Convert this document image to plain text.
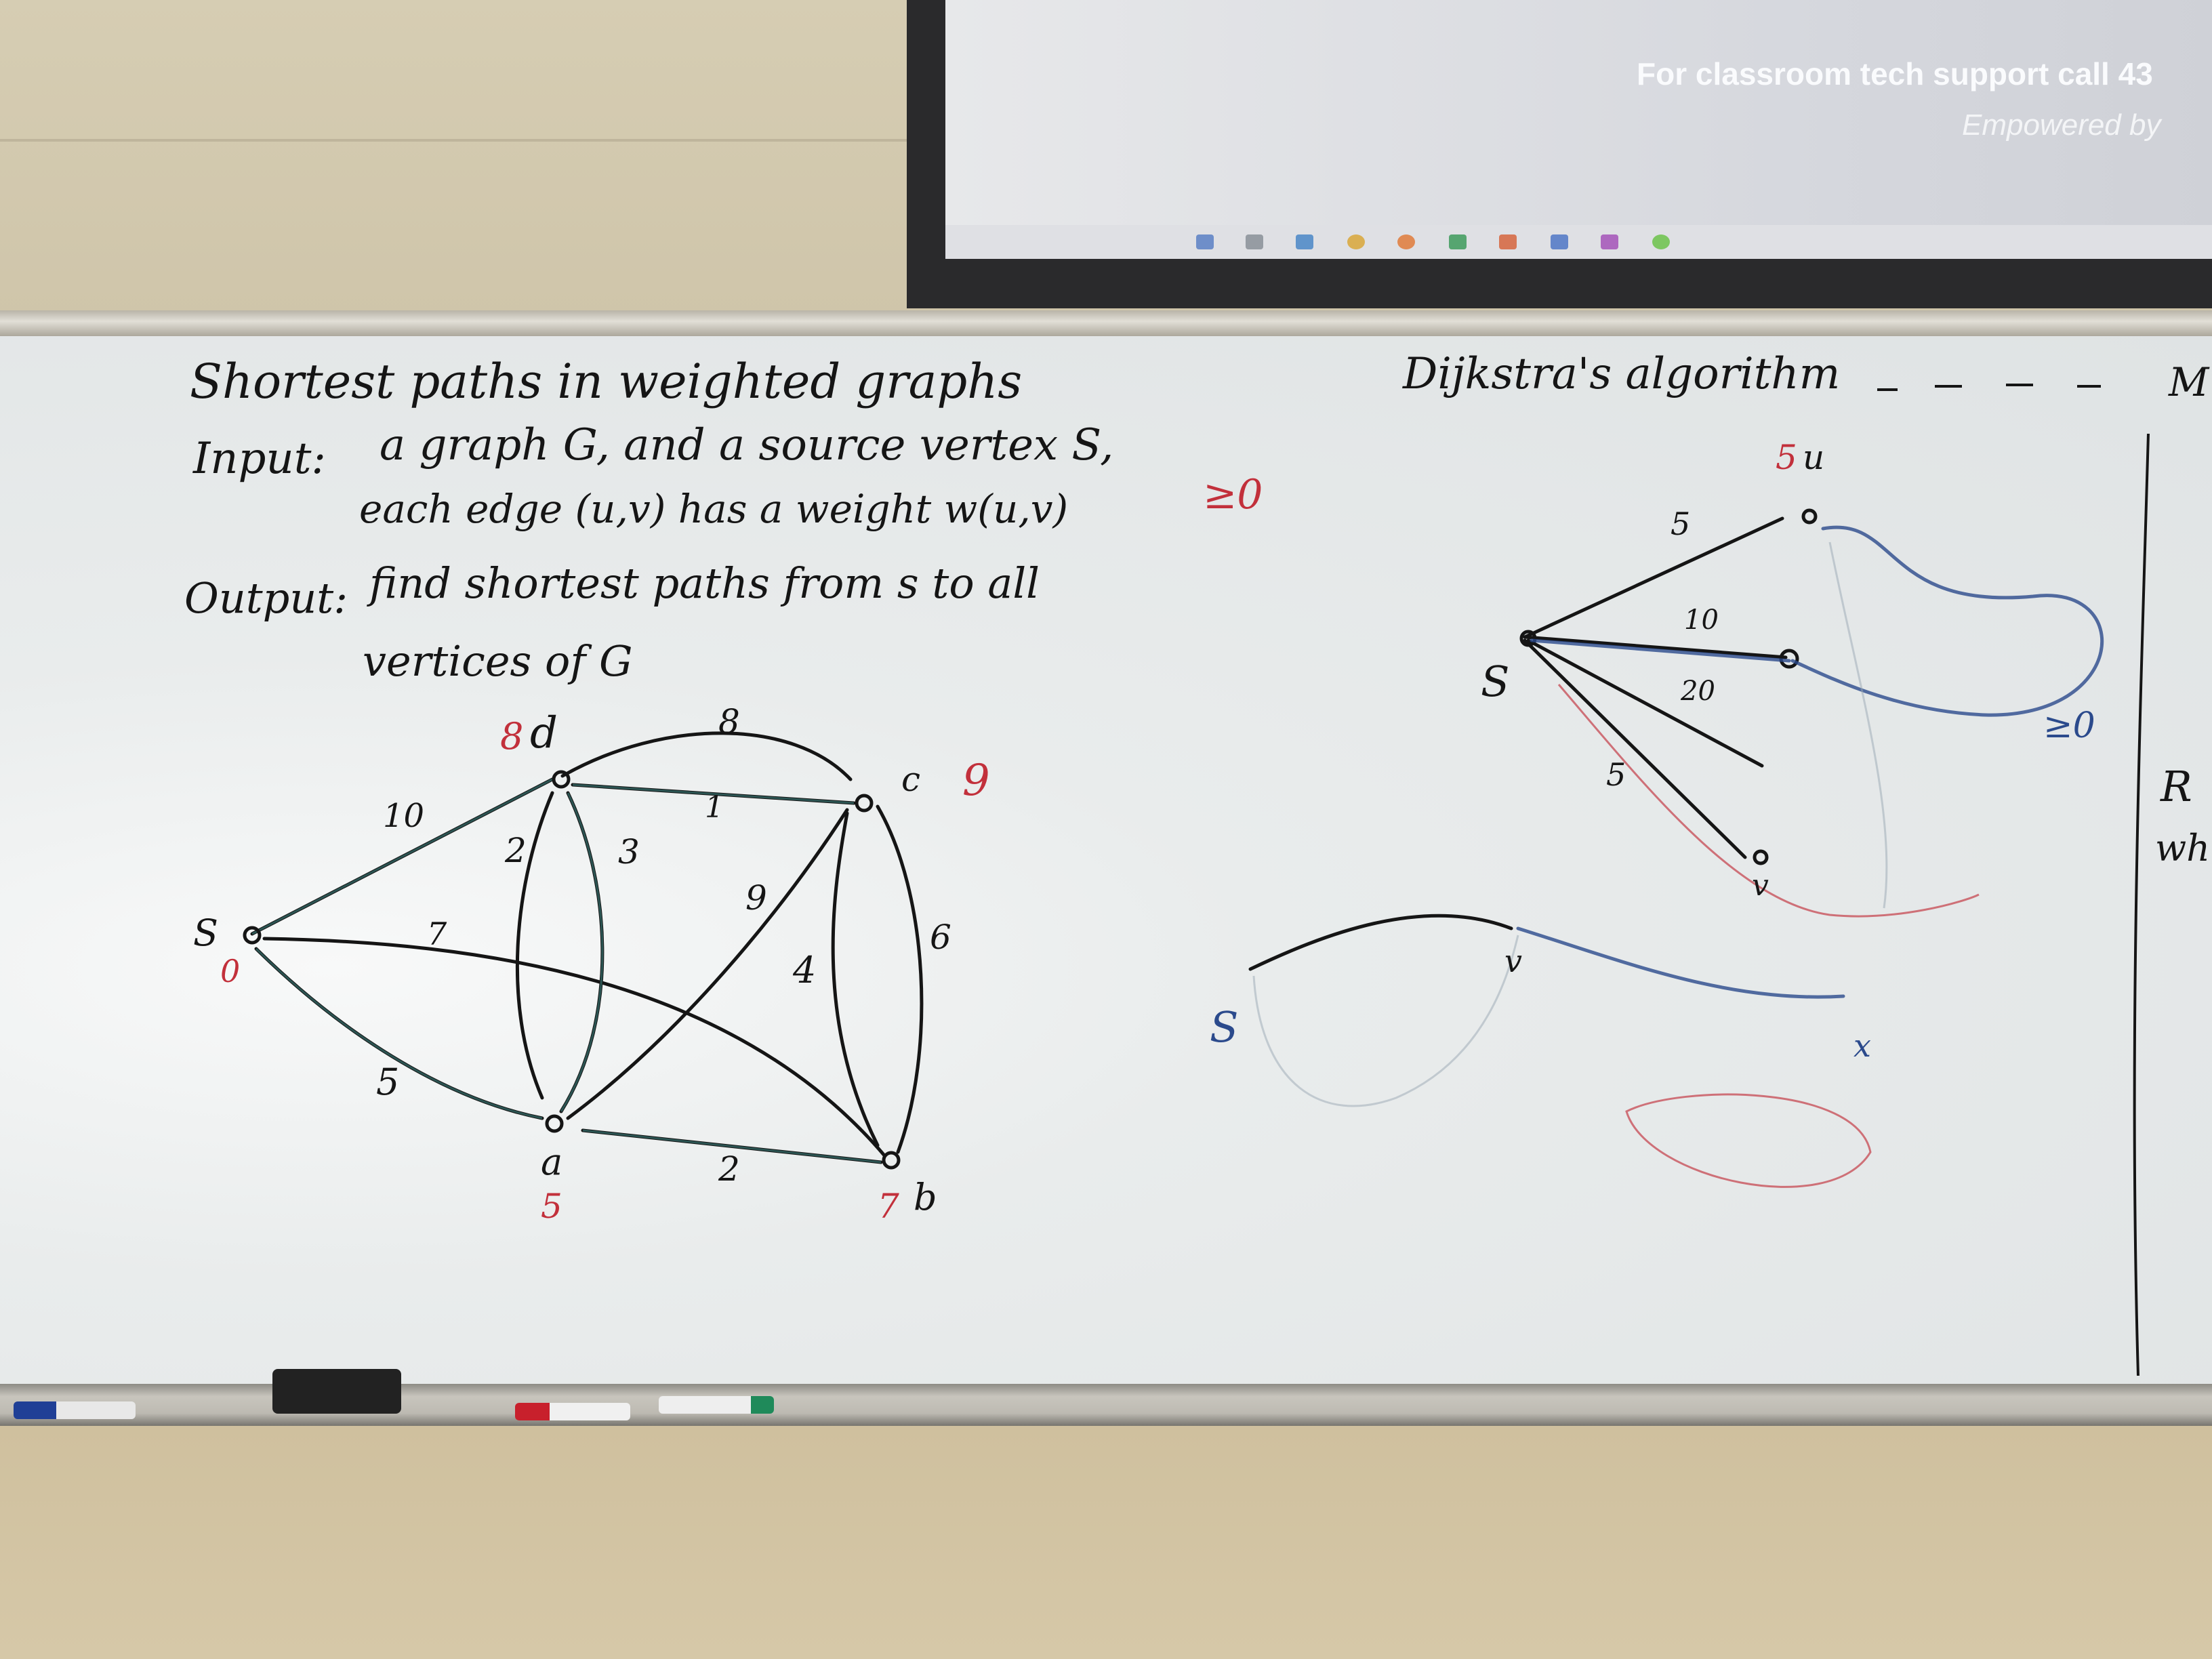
For classroom tech support call 43
Empowered by
Shortest paths in weighted graphs
Input: a graph G, and a source vertex S,
each edge (u,v) has a weight w(u,v)	≥0
Output: find shortest paths from s to all
vertices of G
S
0
8 d
c 9
a
5	b
7
10
8
1
2	3
9
4
6
7
5
2
Dijkstra's algorithm
5 u
5
10
20
5
S
v
≥0
S
v
x
M
R
wh
